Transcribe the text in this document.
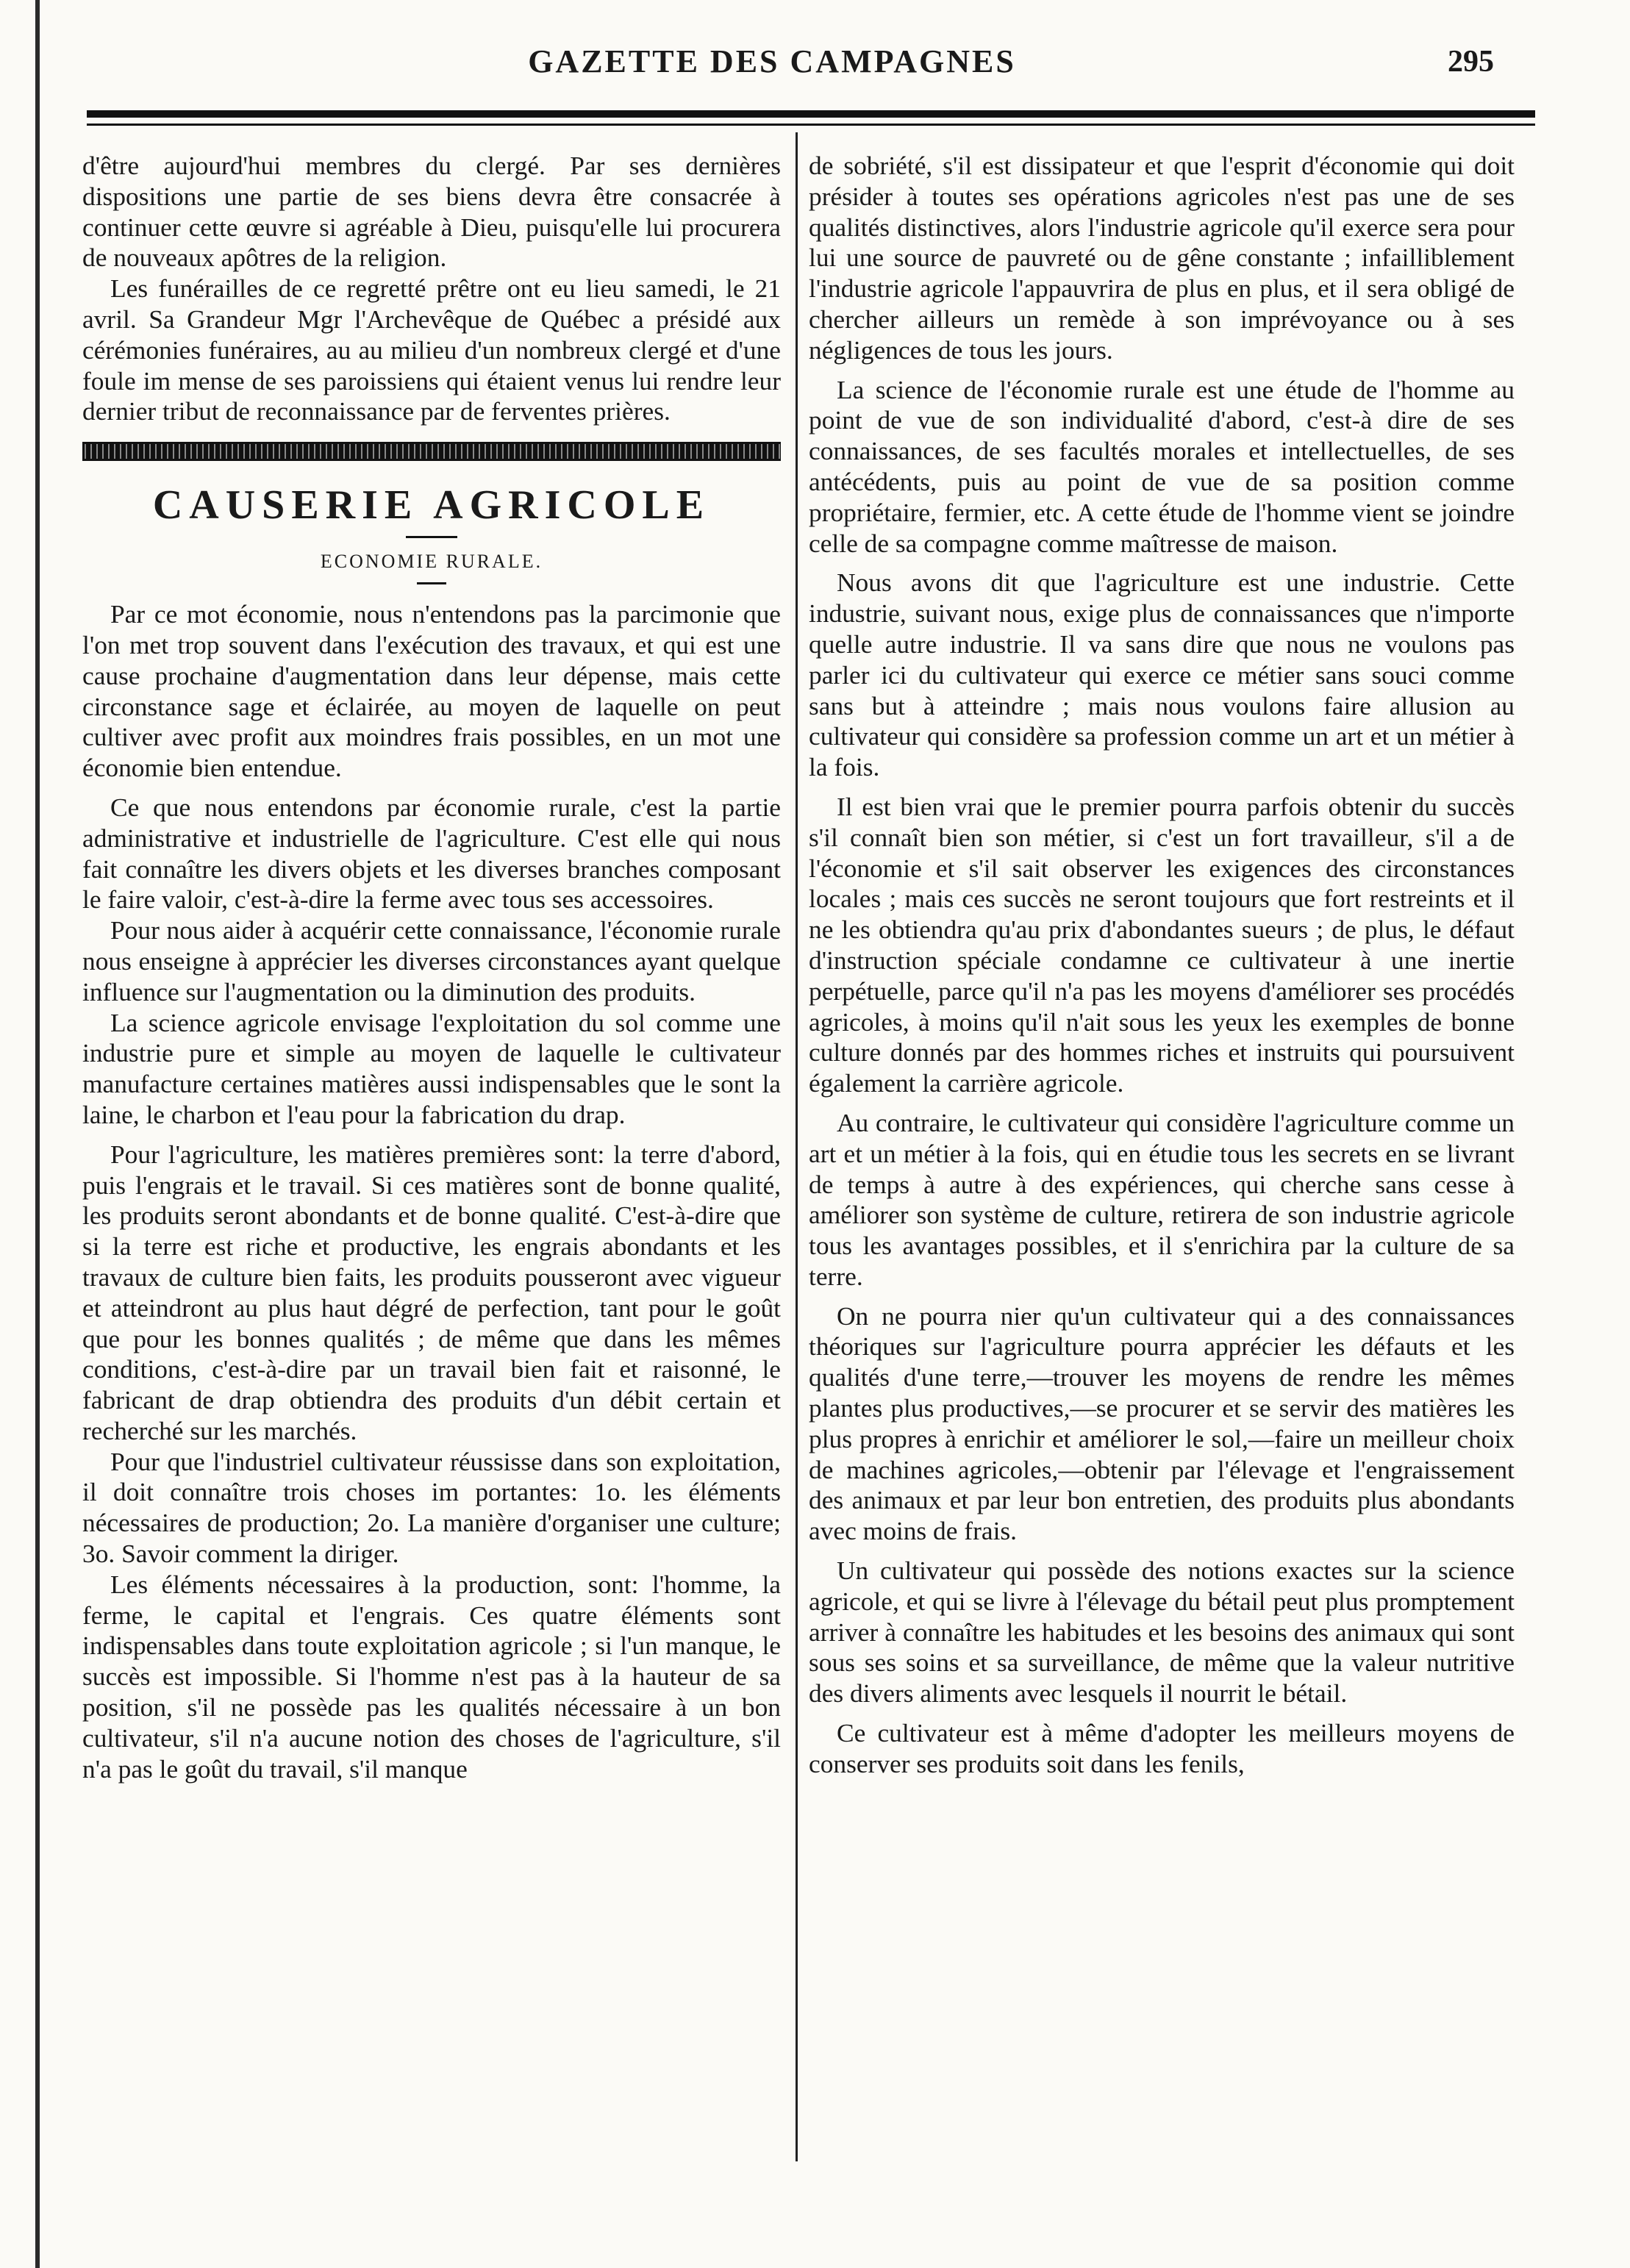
GAZETTE DES CAMPAGNES	295

d'être aujourd'hui membres du clergé. Par ses dernières dispositions une partie de ses biens devra être consacrée à continuer cette œuvre si agréable à Dieu, puisqu'elle lui procurera de nouveaux apôtres de la religion.

Les funérailles de ce regretté prêtre ont eu lieu samedi, le 21 avril. Sa Grandeur Mgr l'Archevêque de Québec a présidé aux cérémonies funéraires, au au milieu d'un nombreux clergé et d'une foule im mense de ses paroissiens qui étaient venus lui rendre leur dernier tribut de reconnaissance par de ferventes prières.

CAUSERIE AGRICOLE
ECONOMIE RURALE.

Par ce mot économie, nous n'entendons pas la parcimonie que l'on met trop souvent dans l'exécution des travaux, et qui est une cause prochaine d'augmentation dans leur dépense, mais cette circonstance sage et éclairée, au moyen de laquelle on peut cultiver avec profit aux moindres frais possibles, en un mot une économie bien entendue.

Ce que nous entendons par économie rurale, c'est la partie administrative et industrielle de l'agriculture. C'est elle qui nous fait connaître les divers objets et les diverses branches composant le faire valoir, c'est-à-dire la ferme avec tous ses accessoires.

Pour nous aider à acquérir cette connaissance, l'économie rurale nous enseigne à apprécier les diverses circonstances ayant quelque influence sur l'augmentation ou la diminution des produits.

La science agricole envisage l'exploitation du sol comme une industrie pure et simple au moyen de laquelle le cultivateur manufacture certaines matières aussi indispensables que le sont la laine, le charbon et l'eau pour la fabrication du drap.

Pour l'agriculture, les matières premières sont: la terre d'abord, puis l'engrais et le travail. Si ces matières sont de bonne qualité, les produits seront abondants et de bonne qualité. C'est-à-dire que si la terre est riche et productive, les engrais abondants et les travaux de culture bien faits, les produits pousseront avec vigueur et atteindront au plus haut dégré de perfection, tant pour le goût que pour les bonnes qualités ; de même que dans les mêmes conditions, c'est-à-dire par un travail bien fait et raisonné, le fabricant de drap obtiendra des produits d'un débit certain et recherché sur les marchés.

Pour que l'industriel cultivateur réussisse dans son exploitation, il doit connaître trois choses im portantes: 1o. les éléments nécessaires de production; 2o. La manière d'organiser une culture; 3o. Savoir comment la diriger.

Les éléments nécessaires à la production, sont: l'homme, la ferme, le capital et l'engrais. Ces quatre éléments sont indispensables dans toute exploitation agricole ; si l'un manque, le succès est impossible. Si l'homme n'est pas à la hauteur de sa position, s'il ne possède pas les qualités nécessaire à un bon cultivateur, s'il n'a aucune notion des choses de l'agriculture, s'il n'a pas le goût du travail, s'il manque

de sobriété, s'il est dissipateur et que l'esprit d'économie qui doit présider à toutes ses opérations agricoles n'est pas une de ses qualités distinctives, alors l'industrie agricole qu'il exerce sera pour lui une source de pauvreté ou de gêne constante ; infailliblement l'industrie agricole l'appauvrira de plus en plus, et il sera obligé de chercher ailleurs un remède à son imprévoyance ou à ses négligences de tous les jours.

La science de l'économie rurale est une étude de l'homme au point de vue de son individualité d'abord, c'est-à dire de ses connaissances, de ses facultés morales et intellectuelles, de ses antécédents, puis au point de vue de sa position comme propriétaire, fermier, etc. A cette étude de l'homme vient se joindre celle de sa compagne comme maîtresse de maison.

Nous avons dit que l'agriculture est une industrie. Cette industrie, suivant nous, exige plus de connaissances que n'importe quelle autre industrie. Il va sans dire que nous ne voulons pas parler ici du cultivateur qui exerce ce métier sans souci comme sans but à atteindre ; mais nous voulons faire allusion au cultivateur qui considère sa profession comme un art et un métier à la fois.

Il est bien vrai que le premier pourra parfois obtenir du succès s'il connaît bien son métier, si c'est un fort travailleur, s'il a de l'économie et s'il sait observer les exigences des circonstances locales ; mais ces succès ne seront toujours que fort restreints et il ne les obtiendra qu'au prix d'abondantes sueurs ; de plus, le défaut d'instruction spéciale condamne ce cultivateur à une inertie perpétuelle, parce qu'il n'a pas les moyens d'améliorer ses procédés agricoles, à moins qu'il n'ait sous les yeux les exemples de bonne culture donnés par des hommes riches et instruits qui poursuivent également la carrière agricole.

Au contraire, le cultivateur qui considère l'agriculture comme un art et un métier à la fois, qui en étudie tous les secrets en se livrant de temps à autre à des expériences, qui cherche sans cesse à améliorer son système de culture, retirera de son industrie agricole tous les avantages possibles, et il s'enrichira par la culture de sa terre.

On ne pourra nier qu'un cultivateur qui a des connaissances théoriques sur l'agriculture pourra apprécier les défauts et les qualités d'une terre,—trouver les moyens de rendre les mêmes plantes plus productives,—se procurer et se servir des matières les plus propres à enrichir et améliorer le sol,—faire un meilleur choix de machines agricoles,—obtenir par l'élevage et l'engraissement des animaux et par leur bon entretien, des produits plus abondants avec moins de frais.

Un cultivateur qui possède des notions exactes sur la science agricole, et qui se livre à l'élevage du bétail peut plus promptement arriver à connaître les habitudes et les besoins des animaux qui sont sous ses soins et sa surveillance, de même que la valeur nutritive des divers aliments avec lesquels il nourrit le bétail.

Ce cultivateur est à même d'adopter les meilleurs moyens de conserver ses produits soit dans les fenils,
